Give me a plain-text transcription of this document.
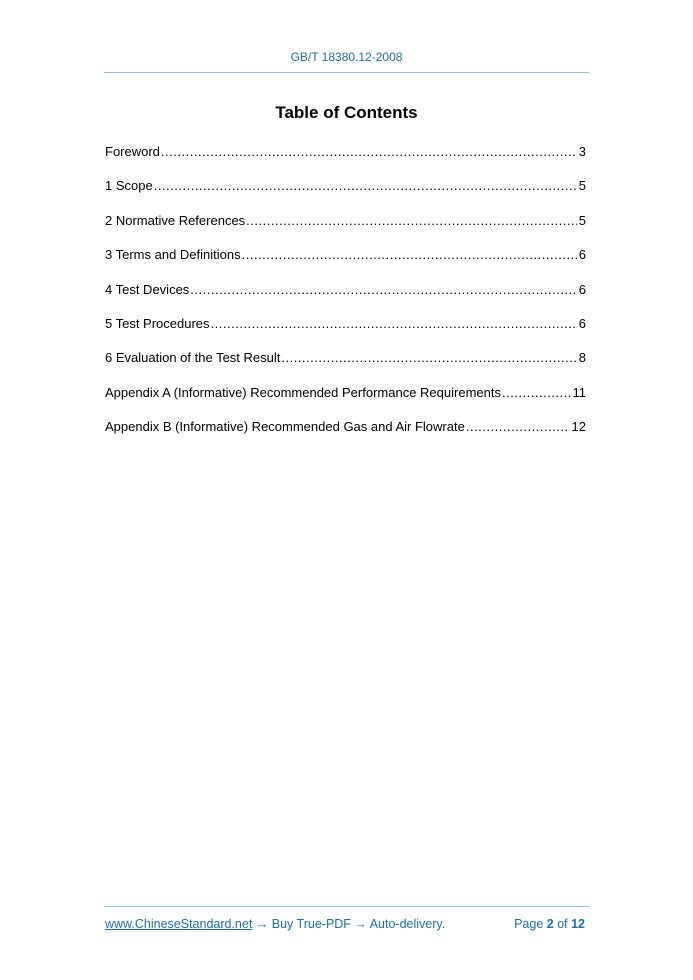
GB/T 18380.12-2008
Table of Contents
Foreword .....	3
1 Scope .....	5
2 Normative References .....	5
3 Terms and Definitions .....	6
4 Test Devices .....	6
5 Test Procedures .....	6
6 Evaluation of the Test Result .....	8
Appendix A (Informative) Recommended Performance Requirements .....	11
Appendix B (Informative) Recommended Gas and Air Flowrate .....	12
www.ChineseStandard.net → Buy True-PDF → Auto-delivery.	Page 2 of 12
